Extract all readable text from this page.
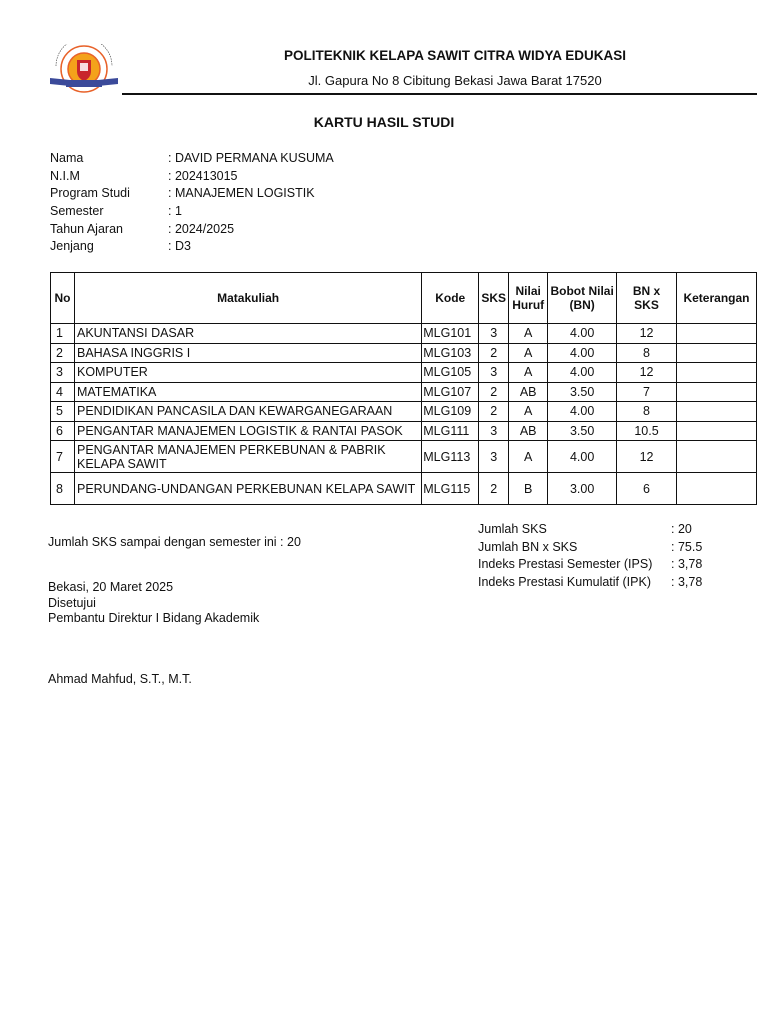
POLITEKNIK KELAPA SAWIT CITRA WIDYA EDUKASI
Jl. Gapura No 8 Cibitung Bekasi Jawa Barat 17520
KARTU HASIL STUDI
Nama	: DAVID PERMANA KUSUMA
N.I.M	: 202413015
Program Studi	: MANAJEMEN LOGISTIK
Semester	: 1
Tahun Ajaran	: 2024/2025
Jenjang	: D3
No	Matakuliah	Kode	SKS	Nilai Huruf	Bobot Nilai (BN)	BN x SKS	Keterangan
1	AKUNTANSI DASAR	MLG101	3	A	4.00	12	
2	BAHASA INGGRIS I	MLG103	2	A	4.00	8	
3	KOMPUTER	MLG105	3	A	4.00	12	
4	MATEMATIKA	MLG107	2	AB	3.50	7	
5	PENDIDIKAN PANCASILA DAN KEWARGANEGARAAN	MLG109	2	A	4.00	8	
6	PENGANTAR MANAJEMEN LOGISTIK & RANTAI PASOK	MLG111	3	AB	3.50	10.5	
7	PENGANTAR MANAJEMEN PERKEBUNAN & PABRIK KELAPA SAWIT	MLG113	3	A	4.00	12	
8	PERUNDANG-UNDANGAN PERKEBUNAN KELAPA SAWIT	MLG115	2	B	3.00	6	
Jumlah SKS	: 20
Jumlah BN x SKS	: 75.5
Indeks Prestasi Semester (IPS) : 3,78
Indeks Prestasi Kumulatif (IPK) : 3,78
Jumlah SKS sampai dengan semester ini : 20
Bekasi, 20 Maret 2025
Disetujui
Pembantu Direktur I Bidang Akademik
Ahmad Mahfud, S.T., M.T.
